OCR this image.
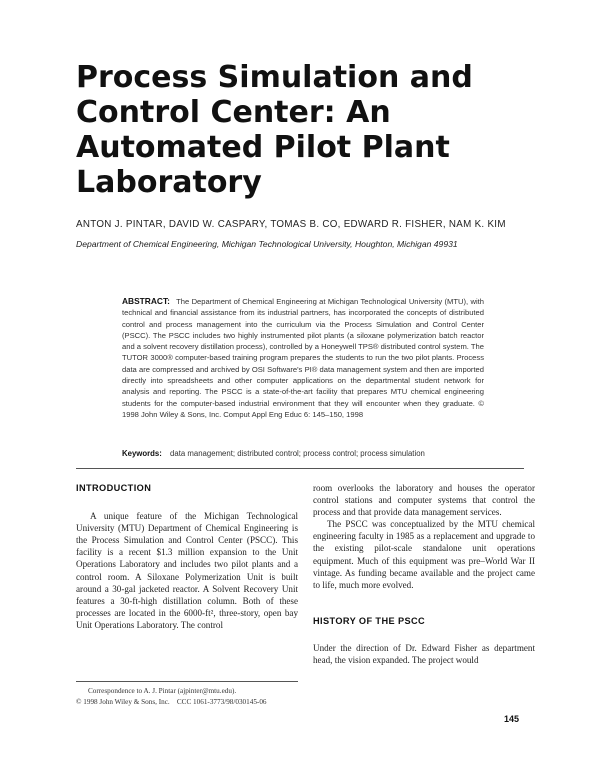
Process Simulation and Control Center: An Automated Pilot Plant Laboratory
ANTON J. PINTAR, DAVID W. CASPARY, TOMAS B. CO, EDWARD R. FISHER, NAM K. KIM
Department of Chemical Engineering, Michigan Technological University, Houghton, Michigan 49931

ABSTRACT: The Department of Chemical Engineering at Michigan Technological University (MTU), with technical and financial assistance from its industrial partners, has incorporated the concepts of distributed control and process management into the curriculum via the Process Simulation and Control Center (PSCC). The PSCC includes two highly instrumented pilot plants (a siloxane polymerization batch reactor and a solvent recovery distillation process), controlled by a Honeywell TPS® distributed control system. The TUTOR 3000® computer-based training program prepares the students to run the two pilot plants. Process data are compressed and archived by OSI Software's PI® data management system and then are imported directly into spreadsheets and other computer applications on the departmental student network for analysis and reporting. The PSCC is a state-of-the-art facility that prepares MTU chemical engineering students for the computer-based industrial environment that they will encounter when they graduate. © 1998 John Wiley & Sons, Inc. Comput Appl Eng Educ 6: 145–150, 1998

Keywords: data management; distributed control; process control; process simulation
INTRODUCTION

A unique feature of the Michigan Technological University (MTU) Department of Chemical Engineering is the Process Simulation and Control Center (PSCC). This facility is a recent $1.3 million expansion to the Unit Operations Laboratory and includes two pilot plants and a control room. A Siloxane Polymerization Unit is built around a 30-gal jacketed reactor. A Solvent Recovery Unit features a 30-ft-high distillation column. Both of these processes are located in the 6000-ft², three-story, open bay Unit Operations Laboratory. The control

room overlooks the laboratory and houses the operator control stations and computer systems that control the process and that provide data management services.

The PSCC was conceptualized by the MTU chemical engineering faculty in 1985 as a replacement and upgrade to the existing pilot-scale standalone unit operations equipment. Much of this equipment was pre–World War II vintage. As funding became available and the project came to life, much more evolved.

HISTORY OF THE PSCC

Under the direction of Dr. Edward Fisher as department head, the vision expanded. The project would

Correspondence to A. J. Pintar (ajpinter@mtu.edu).
© 1998 John Wiley & Sons, Inc.    CCC 1061-3773/98/030145-06
145
